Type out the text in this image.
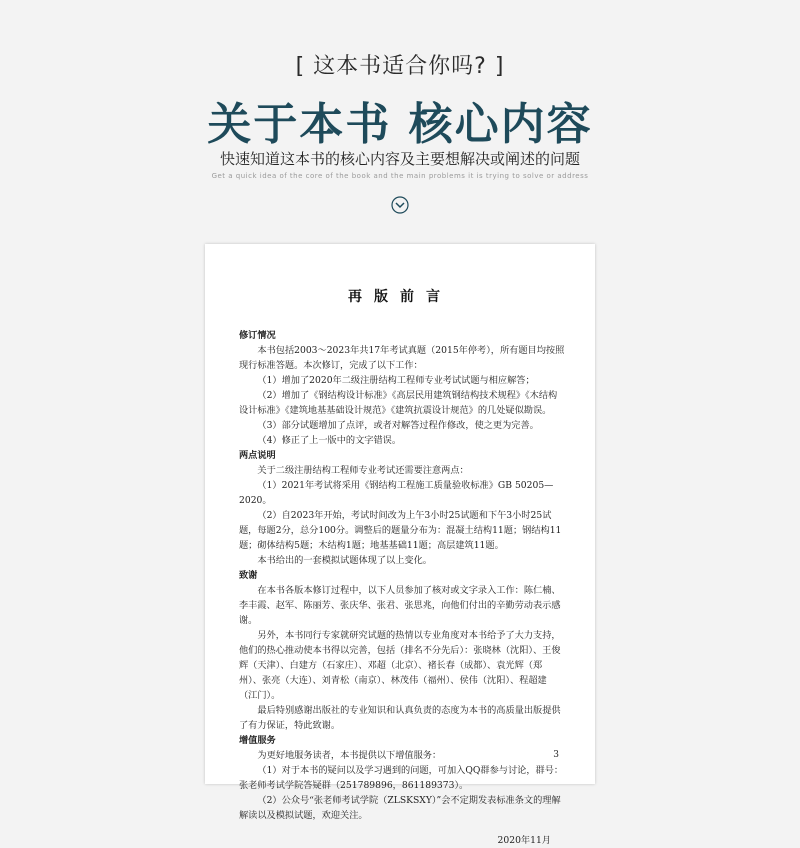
[ 这本书适合你吗? ]
关于本书 核心内容
快速知道这本书的核心内容及主要想解决或阐述的问题
Get a quick idea of the core of the book and the main problems it is trying to solve or address
再版前言

修订情况

本书包括2003～2023年共17年考试真题（2015年停考），所有题目均按照现行标准答题。本次修订，完成了以下工作：

（1）增加了2020年二级注册结构工程师专业考试试题与相应解答；

（2）增加了《钢结构设计标准》《高层民用建筑钢结构技术规程》《木结构设计标准》《建筑地基基础设计规范》《建筑抗震设计规范》的几处疑似勘误。

（3）部分试题增加了点评，或者对解答过程作修改，使之更为完善。

（4）修正了上一版中的文字错误。

两点说明

关于二级注册结构工程师专业考试还需要注意两点：

（1）2021年考试将采用《钢结构工程施工质量验收标准》GB 50205—2020。

（2）自2023年开始，考试时间改为上午3小时25试题和下午3小时25试题，每题2分，总分100分。调整后的题量分布为：混凝土结构11题；钢结构11题；砌体结构5题；木结构1题；地基基础11题；高层建筑11题。

本书给出的一套模拟试题体现了以上变化。

致谢

在本书各版本修订过程中，以下人员参加了核对或文字录入工作：陈仁楠、李丰霞、赵军、陈丽芳、张庆华、张君、张思兆，向他们付出的辛勤劳动表示感谢。

另外，本书同行专家就研究试题的热情以专业角度对本书给予了大力支持，他们的热心推动使本书得以完善，包括（排名不分先后）：张晓林（沈阳）、王俊辉（天津）、白建方（石家庄）、邓超（北京）、褚长春（成都）、袁光辉（郑州）、张亮（大连）、刘青松（南京）、林茂伟（福州）、侯伟（沈阳）、程超建（江门）。

最后特别感谢出版社的专业知识和认真负责的态度为本书的高质量出版提供了有力保证，特此致谢。

增值服务

为更好地服务读者，本书提供以下增值服务：

（1）对于本书的疑问以及学习遇到的问题，可加入QQ群参与讨论，群号：张老师考试学院答疑群（251789896，861189373）。

（2）公众号“张老师考试学院（ZLSKSXY）”会不定期发表标准条文的理解解读以及模拟试题，欢迎关注。

2020年11月

3
